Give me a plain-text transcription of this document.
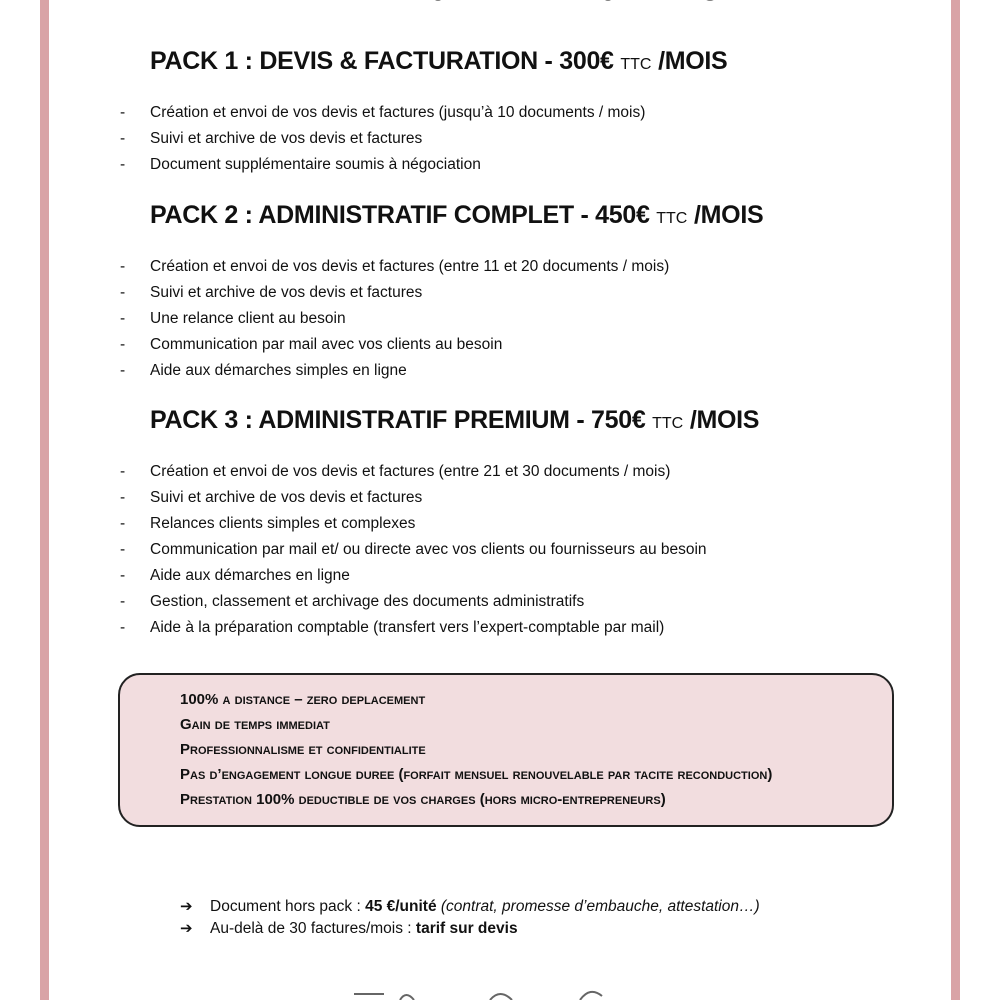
PACK 1 : DEVIS & FACTURATION - 300€ TTC /MOIS
- Création et envoi de vos devis et factures (jusqu’à 10 documents / mois)
- Suivi et archive de vos devis et factures
- Document supplémentaire soumis à négociation
PACK 2 : ADMINISTRATIF COMPLET - 450€ TTC /MOIS
- Création et envoi de vos devis et factures (entre 11 et 20 documents / mois)
- Suivi et archive de vos devis et factures
- Une relance client au besoin
- Communication par mail avec vos clients au besoin
- Aide aux démarches simples en ligne
PACK 3 : ADMINISTRATIF PREMIUM - 750€ TTC /MOIS
- Création et envoi de vos devis et factures (entre 21 et 30 documents / mois)
- Suivi et archive de vos devis et factures
- Relances clients simples et complexes
- Communication par mail et/ ou directe avec vos clients ou fournisseurs au besoin
- Aide aux démarches en ligne
- Gestion, classement et archivage des documents administratifs
- Aide à la préparation comptable (transfert vers l’expert-comptable par mail)
100% a distance – zero deplacement
Gain de temps immediat
Professionnalisme et confidentialite
Pas d’engagement longue duree (forfait mensuel renouvelable par tacite reconduction)
Prestation 100% deductible de vos charges (hors micro-entrepreneurs)
➔ Document hors pack : 45 €/unité (contrat, promesse d’embauche, attestation…)
➔ Au-delà de 30 factures/mois : tarif sur devis
